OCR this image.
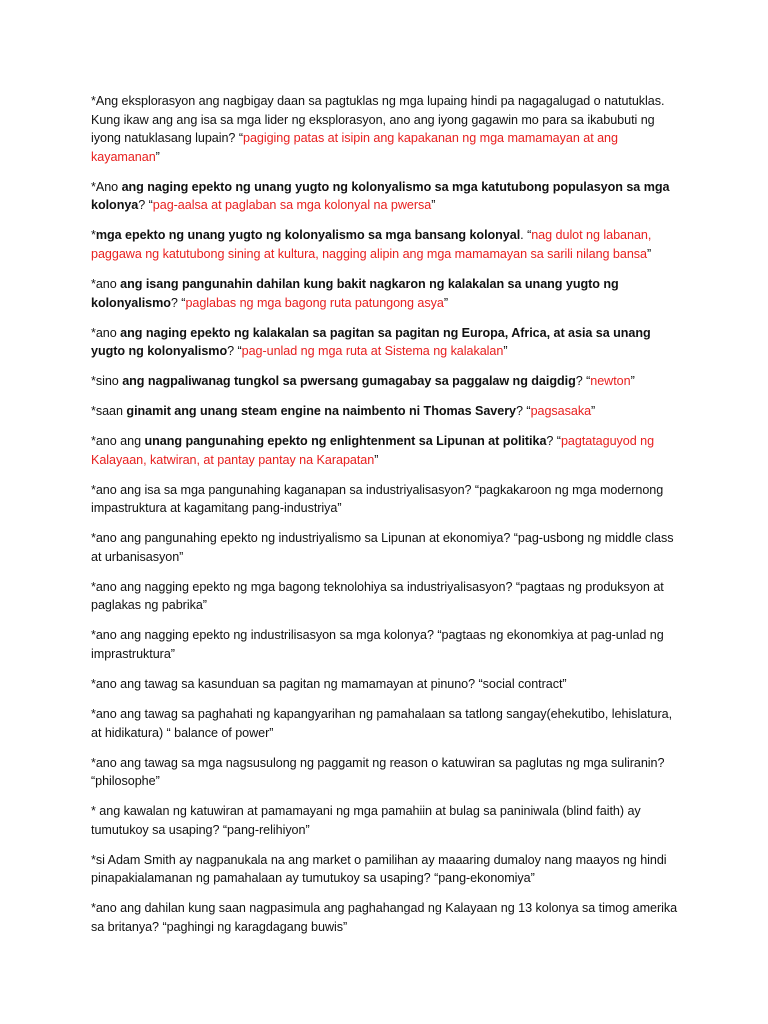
*Ang eksplorasyon ang nagbigay daan sa pagtuklas ng mga lupaing hindi pa nagagalugad o natutuklas. Kung ikaw ang ang isa sa mga lider ng eksplorasyon, ano ang iyong gagawin mo para sa ikabubuti ng iyong natuklasang lupain? “pagiging patas at isipin ang kapakanan ng mga mamamayan at ang kayamanan”

*Ano ang naging epekto ng unang yugto ng kolonyalismo sa mga katutubong populasyon sa mga kolonya? “pag-aalsa at paglaban sa mga kolonyal na pwersa”

*mga epekto ng unang yugto ng kolonyalismo sa mga bansang kolonyal. “nag dulot ng labanan, paggawa ng katutubong sining at kultura, nagging alipin ang mga mamamayan sa sarili nilang bansa”

*ano ang isang pangunahin dahilan kung bakit nagkaron ng kalakalan sa unang yugto ng kolonyalismo? “paglabas ng mga bagong ruta patungong asya”

*ano ang naging epekto ng kalakalan sa pagitan sa pagitan ng Europa, Africa, at asia sa unang yugto ng kolonyalismo? “pag-unlad ng mga ruta at Sistema ng kalakalan”

*sino ang nagpaliwanag tungkol sa pwersang gumagabay sa paggalaw ng daigdig? “newton”

*saan ginamit ang unang steam engine na naimbento ni Thomas Savery? “pagsasaka”

*ano ang unang pangunahing epekto ng enlightenment sa Lipunan at politika? “pagtataguyod ng Kalayaan, katwiran, at pantay pantay na Karapatan”

*ano ang isa sa mga pangunahing kaganapan sa industriyalisasyon? “pagkakaroon ng mga modernong impastruktura at kagamitang pang-industriya”

*ano ang pangunahing epekto ng industriyalismo sa Lipunan at ekonomiya? “pag-usbong ng middle class at urbanisasyon”

*ano ang nagging epekto ng mga bagong teknolohiya sa industriyalisasyon? “pagtaas ng produksyon at paglakas ng pabrika”

*ano ang nagging epekto ng industrilisasyon sa mga kolonya? “pagtaas ng ekonomkiya at pag-unlad ng imprastruktura”

*ano ang tawag sa kasunduan sa pagitan ng mamamayan at pinuno? “social contract”

*ano ang tawag sa paghahati ng kapangyarihan ng pamahalaan sa tatlong sangay(ehekutibo, lehislatura, at hidikatura) “ balance of power”

*ano ang tawag sa mga nagsusulong ng paggamit ng reason o katuwiran sa paglutas ng mga suliranin? “philosophe”

* ang kawalan ng katuwiran at pamamayani ng mga pamahiin at bulag sa paniniwala (blind faith) ay tumutukoy sa usaping? “pang-relihiyon”

*si Adam Smith ay nagpanukala na ang market o pamilihan ay maaaring dumaloy nang maayos ng hindi pinapakialamanan ng pamahalaan ay tumutukoy sa usaping? “pang-ekonomiya”

*ano ang dahilan kung saan nagpasimula ang paghahangad ng Kalayaan ng 13 kolonya sa timog amerika sa britanya? “paghingi ng karagdagang buwis”
